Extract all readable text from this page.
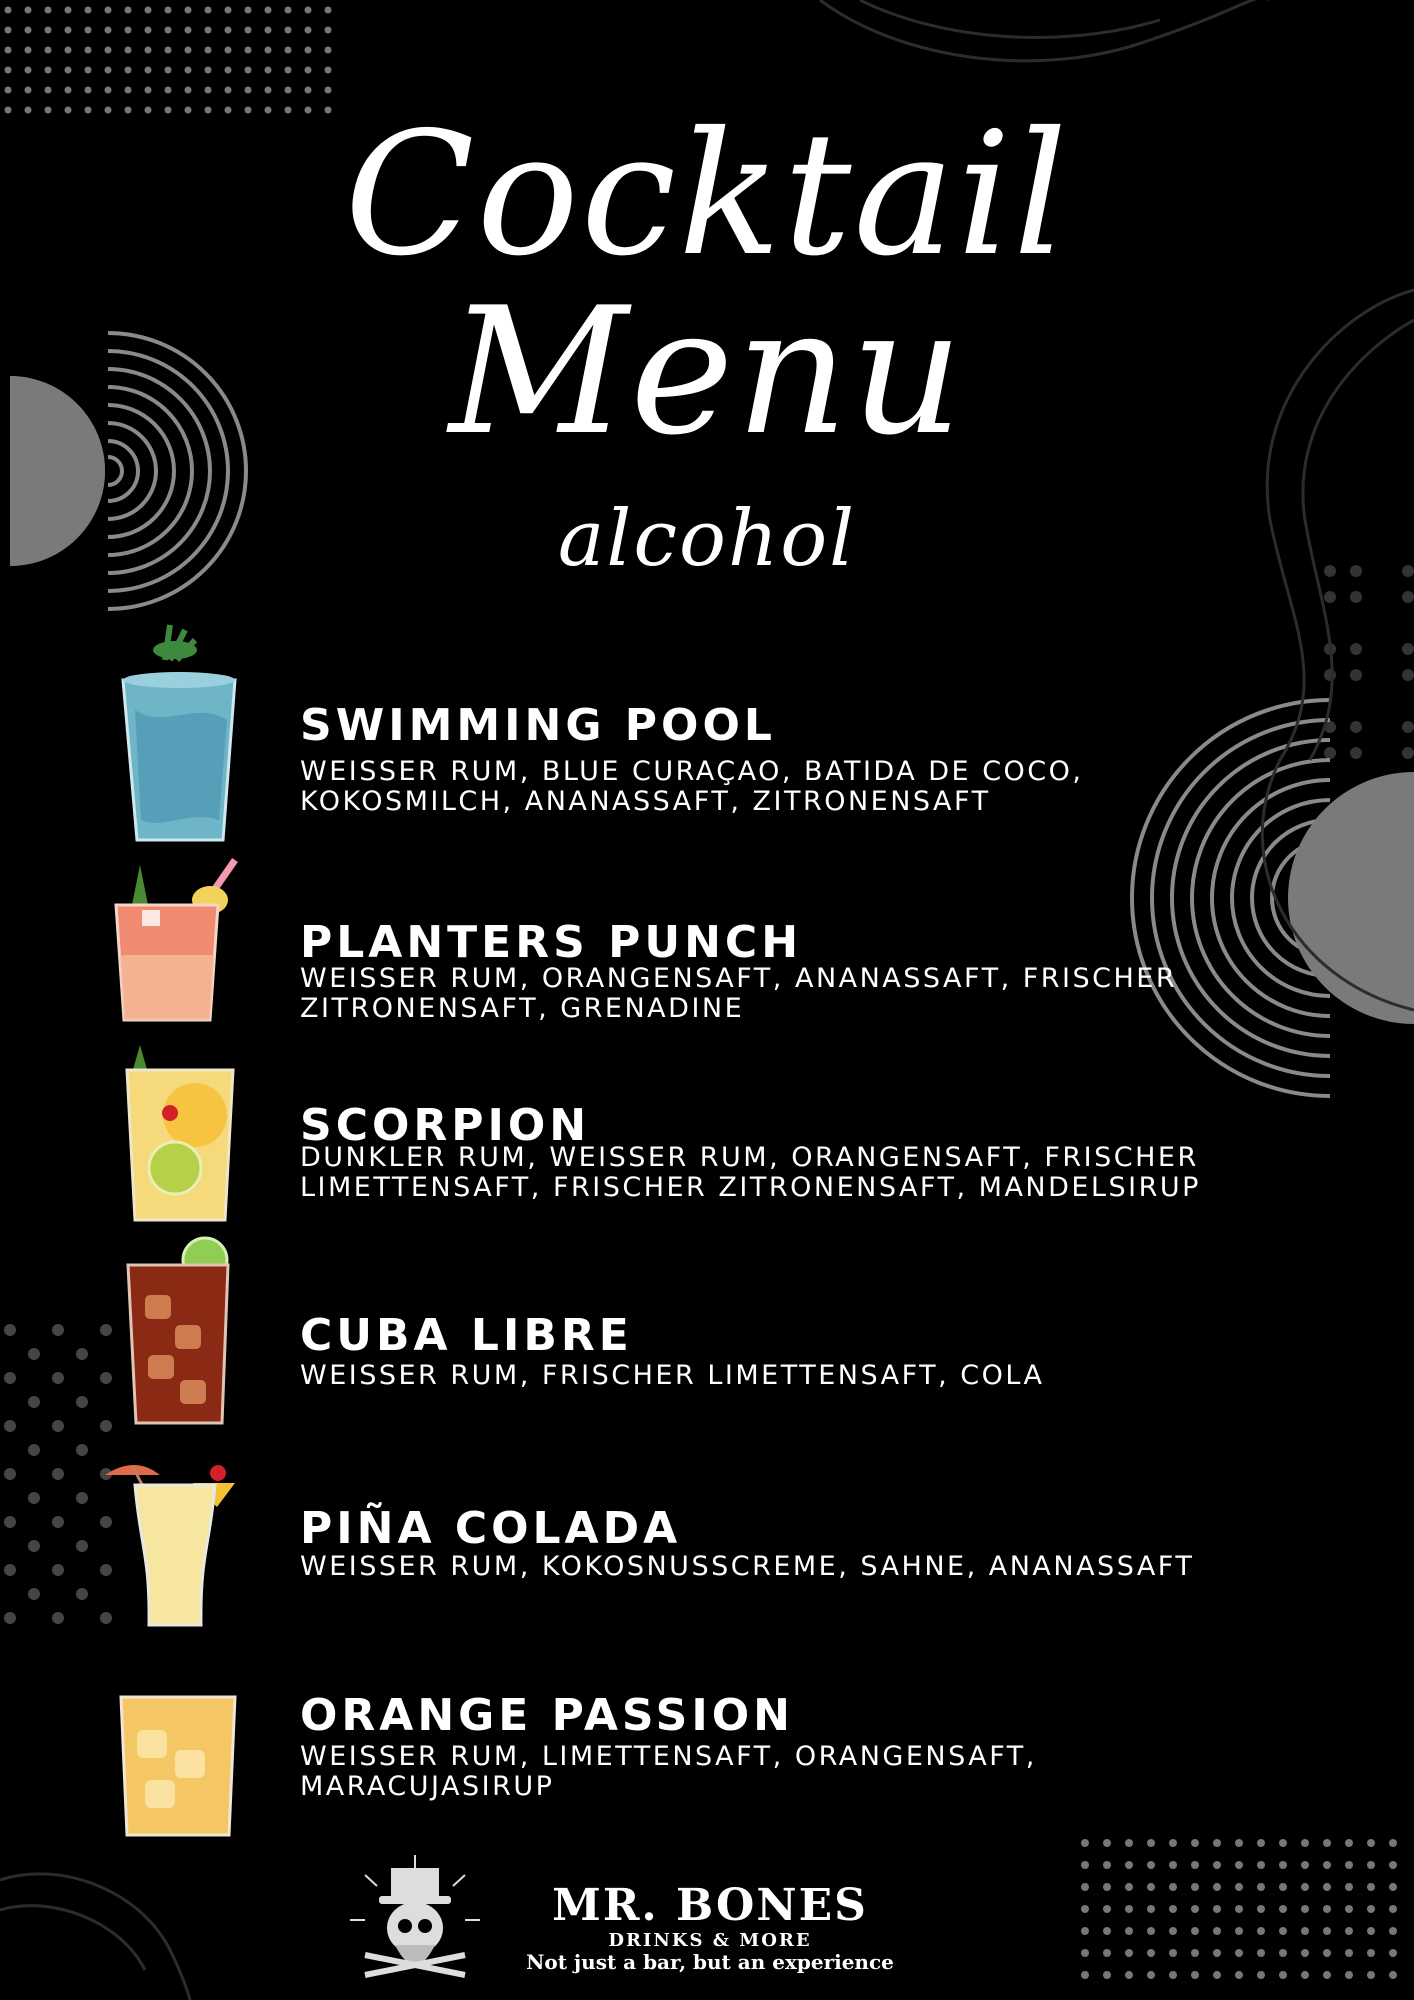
Cocktail
Menu
alcohol
SWIMMING POOL
WEISSER RUM, BLUE CURAÇAO, BATIDA DE COCO,
KOKOSMILCH, ANANASSAFT, ZITRONENSAFT
PLANTERS PUNCH
WEISSER RUM, ORANGENSAFT, ANANASSAFT, FRISCHER
ZITRONENSAFT, GRENADINE
SCORPION
DUNKLER RUM, WEISSER RUM, ORANGENSAFT, FRISCHER
LIMETTENSAFT, FRISCHER ZITRONENSAFT, MANDELSIRUP
CUBA LIBRE
WEISSER RUM, FRISCHER LIMETTENSAFT, COLA
PIÑA COLADA
WEISSER RUM, KOKOSNUSSCREME, SAHNE, ANANASSAFT
ORANGE PASSION
WEISSER RUM, LIMETTENSAFT, ORANGENSAFT,
MARACUJASIRUP
MR. BONES
DRINKS & MORE
Not just a bar, but an experience
